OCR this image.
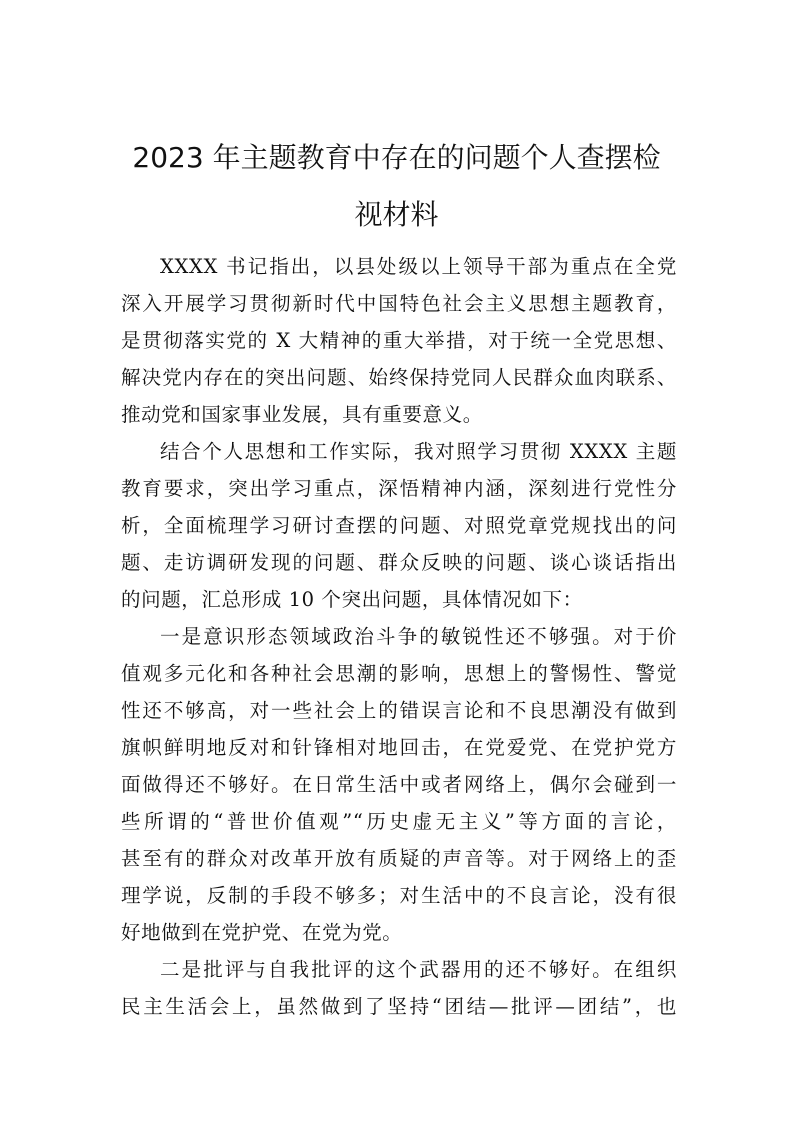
2023 年主题教育中存在的问题个人查摆检
视材料
XXXX 书记指出，以县处级以上领导干部为重点在全党
深入开展学习贯彻新时代中国特色社会主义思想主题教育，
是贯彻落实党的 X 大精神的重大举措，对于统一全党思想、
解决党内存在的突出问题、始终保持党同人民群众血肉联系、
推动党和国家事业发展，具有重要意义。
结合个人思想和工作实际，我对照学习贯彻 XXXX 主题
教育要求，突出学习重点，深悟精神内涵，深刻进行党性分
析，全面梳理学习研讨查摆的问题、对照党章党规找出的问
题、走访调研发现的问题、群众反映的问题、谈心谈话指出
的问题，汇总形成 10 个突出问题，具体情况如下：
一是意识形态领域政治斗争的敏锐性还不够强。对于价
值观多元化和各种社会思潮的影响，思想上的警惕性、警觉
性还不够高，对一些社会上的错误言论和不良思潮没有做到
旗帜鲜明地反对和针锋相对地回击，在党爱党、在党护党方
面做得还不够好。在日常生活中或者网络上，偶尔会碰到一
些所谓的“普世价值观”“历史虚无主义”等方面的言论，
甚至有的群众对改革开放有质疑的声音等。对于网络上的歪
理学说，反制的手段不够多；对生活中的不良言论，没有很
好地做到在党护党、在党为党。
二是批评与自我批评的这个武器用的还不够好。在组织
民主生活会上，虽然做到了坚持“团结—批评—团结”，也
